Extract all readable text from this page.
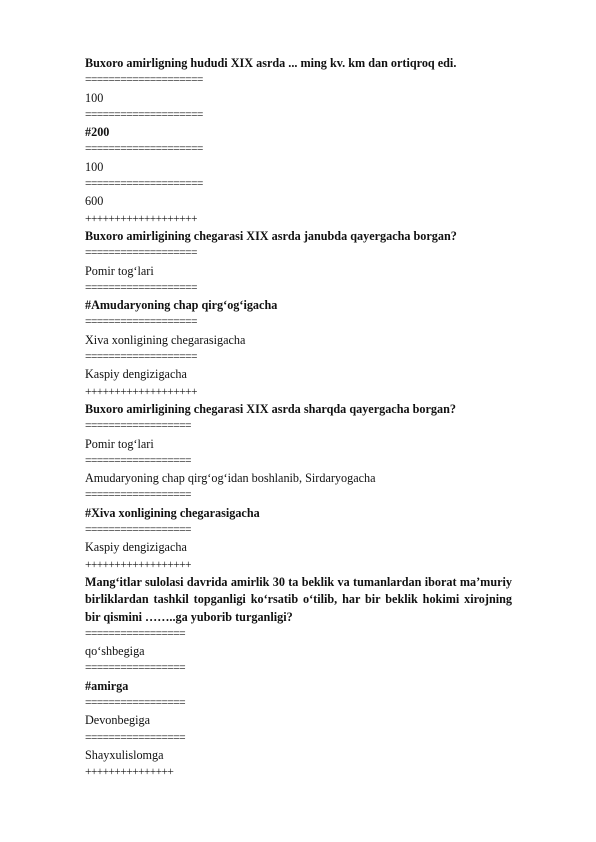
Buxoro amirligning hududi XIX asrda ... ming kv. km dan ortiqroq edi.
====================
100
====================
#200
====================
100
====================
600
+++++++++++++++++++
Buxoro amirligining chegarasi XIX asrda janubda qayergacha borgan?
===================
Pomir tog‘lari
===================
#Amudaryoning chap qirg‘og‘igacha
===================
Xiva xonligining chegarasigacha
===================
Kaspiy dengizigacha
+++++++++++++++++++
Buxoro amirligining chegarasi XIX asrda sharqda qayergacha borgan?
==================
Pomir tog‘lari
==================
Amudaryoning chap qirg‘og‘idan boshlanib, Sirdaryogacha
==================
#Xiva xonligining chegarasigacha
==================
Kaspiy dengizigacha
++++++++++++++++++
Mang‘itlar sulolasi davrida amirlik 30 ta beklik va tumanlardan iborat ma’muriy birliklardan tashkil topganligi ko‘rsatib o‘tilib, har bir beklik hokimi xirojning bir qismini ……..ga yuborib turganligi?
=================
qo‘shbegiga
=================
#amirga
=================
Devonbegiga
=================
Shayxulislomga
+++++++++++++++
